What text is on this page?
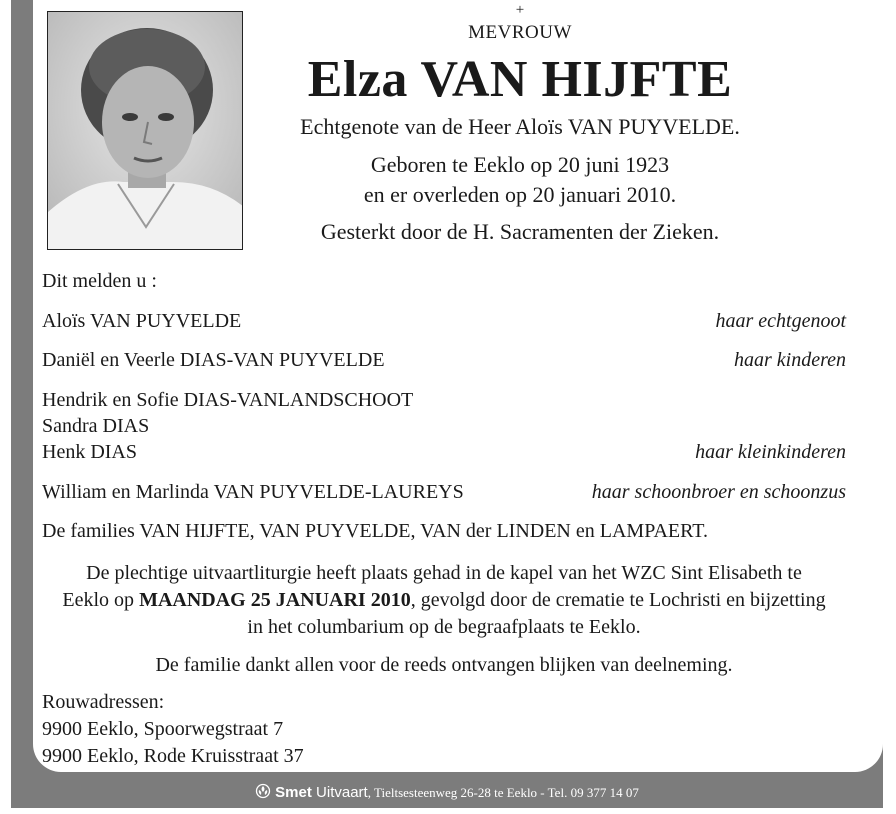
+
MEVROUW
Elza VAN HIJFTE
Echtgenote van de Heer Aloïs VAN PUYVELDE.
Geboren te Eeklo op 20 juni 1923
en er overleden op 20 januari 2010.
Gesterkt door de H. Sacramenten der Zieken.
Dit melden u :
Aloïs VAN PUYVELDE	haar echtgenoot
Daniël en Veerle DIAS-VAN PUYVELDE	haar kinderen
Hendrik en Sofie DIAS-VANLANDSCHOOT
Sandra DIAS
Henk DIAS	haar kleinkinderen
William en Marlinda VAN PUYVELDE-LAUREYS	haar schoonbroer en schoonzus
De families VAN HIJFTE, VAN PUYVELDE, VAN der LINDEN en LAMPAERT.
De plechtige uitvaartliturgie heeft plaats gehad in de kapel van het WZC Sint Elisabeth te
Eeklo op MAANDAG 25 JANUARI 2010, gevolgd door de crematie te Lochristi en bijzetting
in het columbarium op de begraafplaats te Eeklo.
De familie dankt allen voor de reeds ontvangen blijken van deelneming.
Rouwadressen:
9900 Eeklo, Spoorwegstraat 7
9900 Eeklo, Rode Kruisstraat 37
Smet Uitvaart, Tieltsesteenweg 26-28 te Eeklo - Tel. 09 377 14 07
